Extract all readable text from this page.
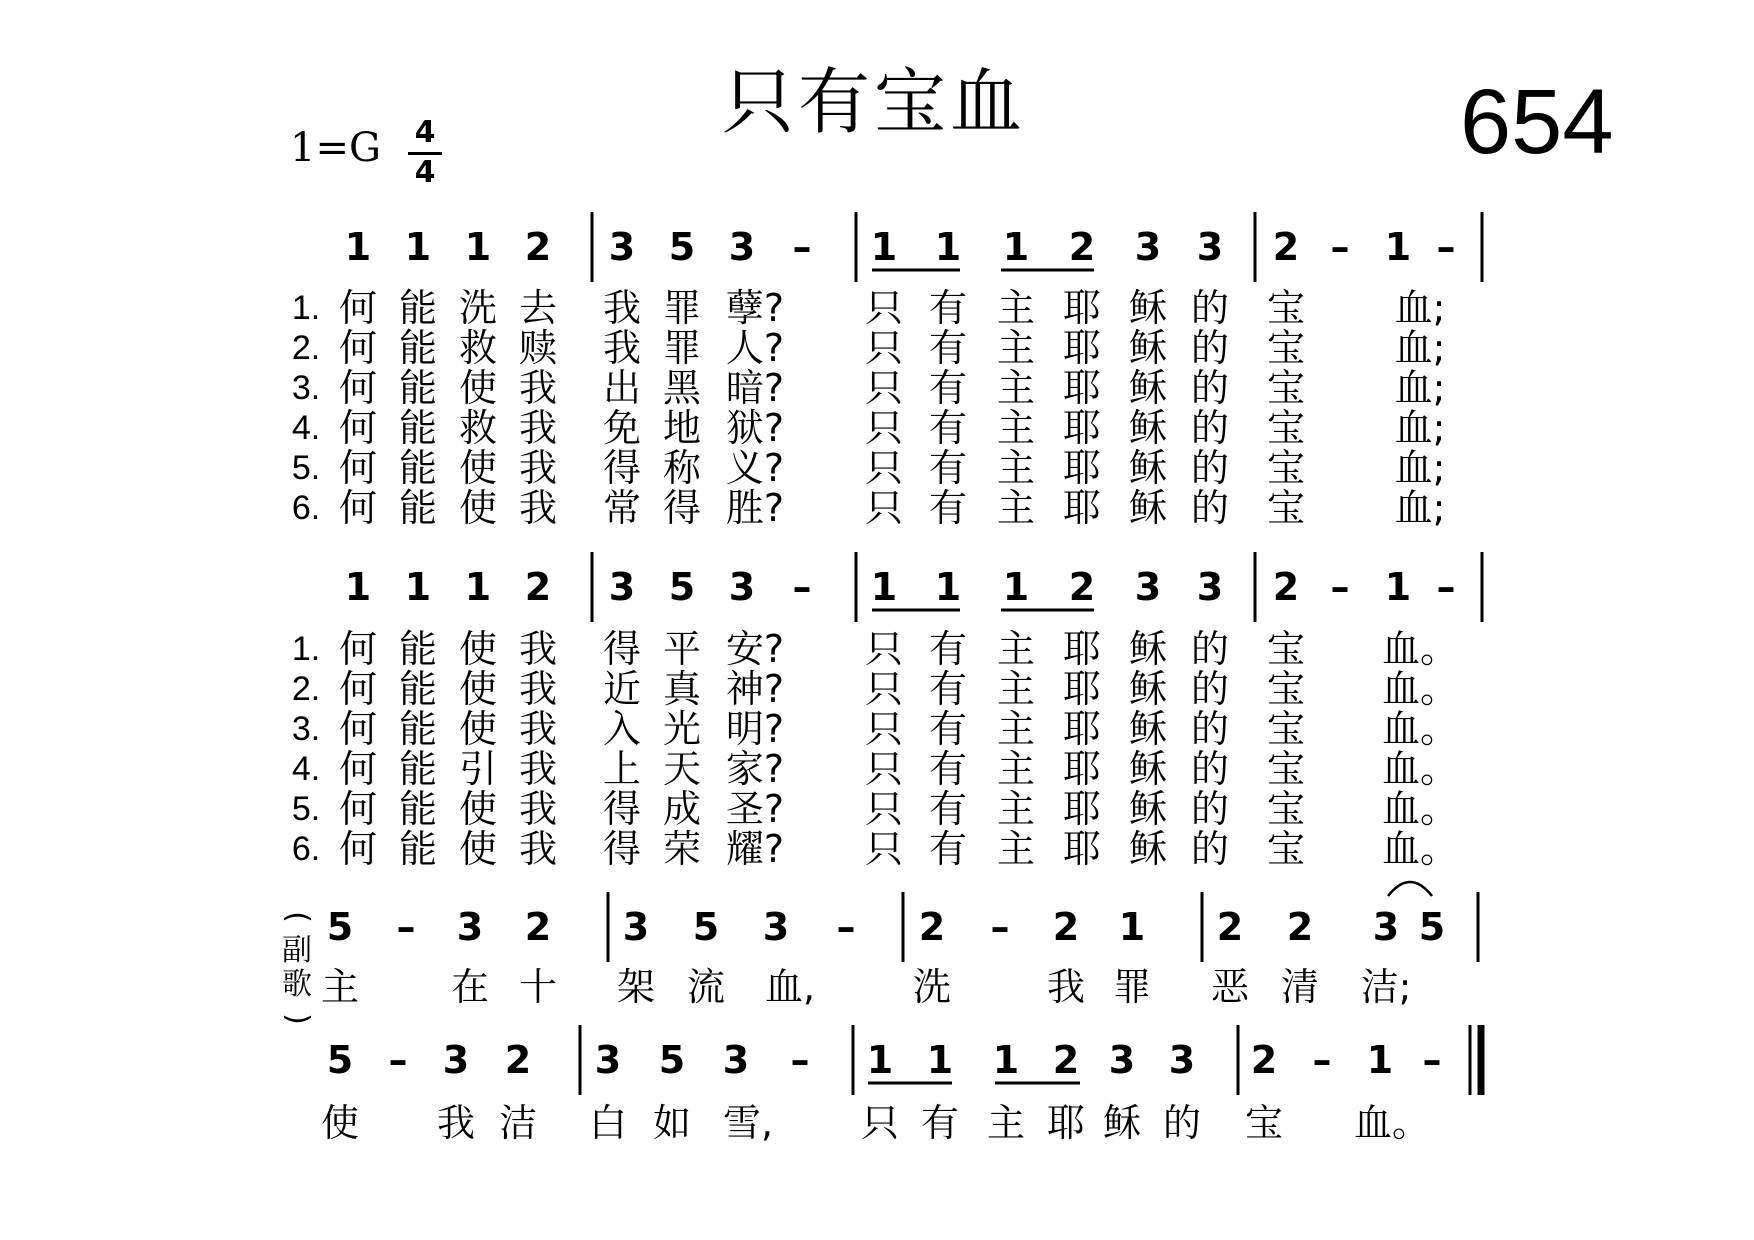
只有宝血	654
1=G 4
4
1 1 1 2 3 5 3 – 1 1 1 2 3 3 2 – 1 –
1. 何 能 洗 去 我 罪 孽? 只 有 主 耶 稣 的 宝 血;
2. 何 能 救 赎 我 罪 人? 只 有 主 耶 稣 的 宝 血;
3. 何 能 使 我 出 黑 暗? 只 有 主 耶 稣 的 宝 血;
4. 何 能 救 我 免 地 狱? 只 有 主 耶 稣 的 宝 血;
5. 何 能 使 我 得 称 义? 只 有 主 耶 稣 的 宝 血;
6. 何 能 使 我 常 得 胜? 只 有 主 耶 稣 的 宝 血;
1 1 1 2 3 5 3 – 1 1 1 2 3 3 2 – 1 –
1. 何 能 使 我 得 平 安? 只 有 主 耶 稣 的 宝 血。
2. 何 能 使 我 近 真 神? 只 有 主 耶 稣 的 宝 血。
3. 何 能 使 我 入 光 明? 只 有 主 耶 稣 的 宝 血。
4. 何 能 引 我 上 天 家? 只 有 主 耶 稣 的 宝 血。
5. 何 能 使 我 得 成 圣? 只 有 主 耶 稣 的 宝 血。
6. 何 能 使 我 得 荣 耀? 只 有 主 耶 稣 的 宝 血。
(
副
歌
)
5 – 3 2 3 5 3 – 2 – 2 1 2 2 3 5
主 在 十 架 流 血,	洗	我 罪 恶 清 洁;
5 – 3 2 3 5 3 – 1 1 1 2 3 3 2 – 1 –
使 我 洁 白 如 雪, 只 有 主 耶 稣 的 宝 血。
